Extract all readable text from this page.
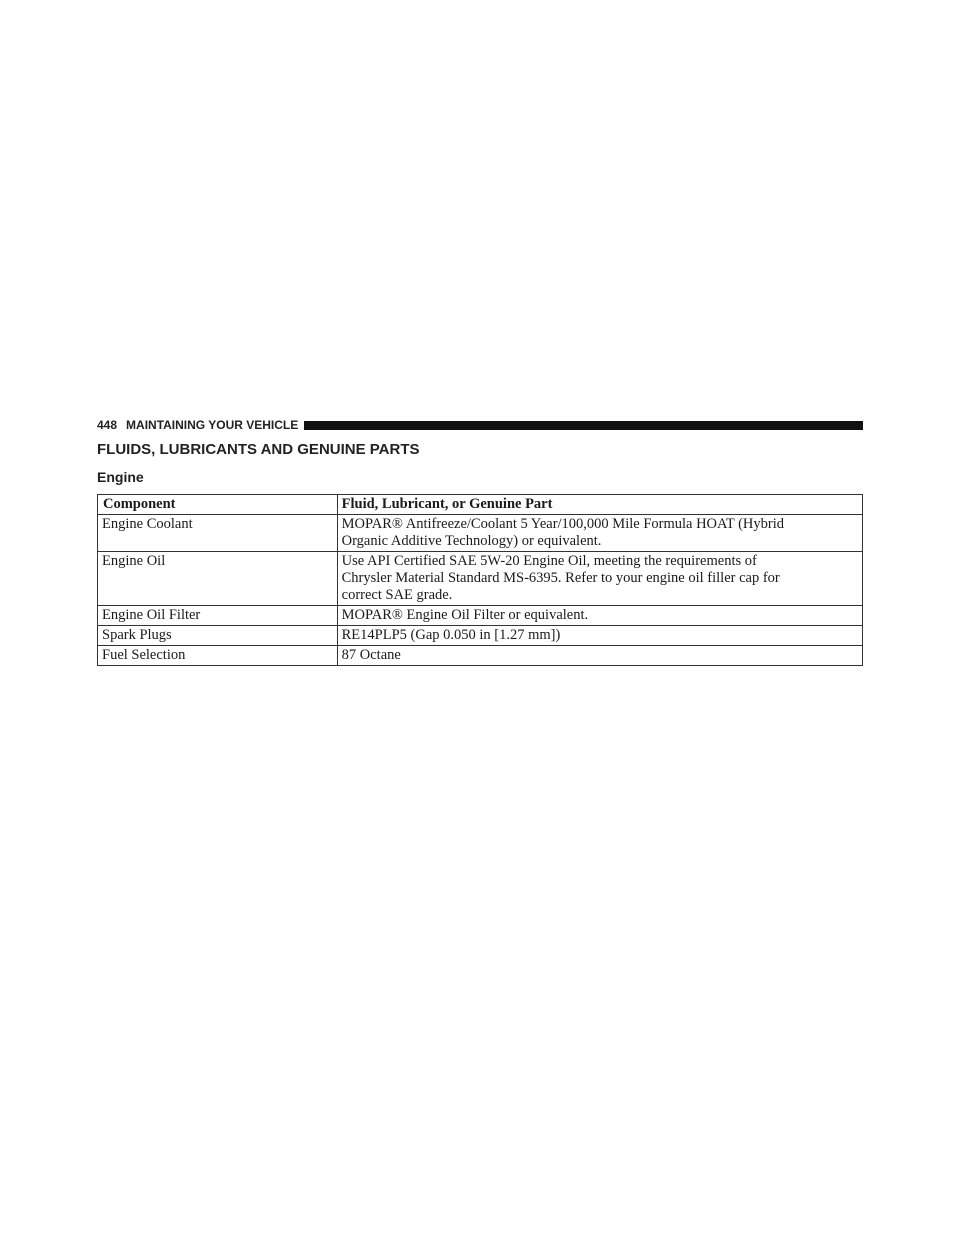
448 MAINTAINING YOUR VEHICLE
FLUIDS, LUBRICANTS AND GENUINE PARTS
Engine
Component	Fluid, Lubricant, or Genuine Part
Engine Coolant	MOPAR® Antifreeze/Coolant 5 Year/100,000 Mile Formula HOAT (Hybrid
Organic Additive Technology) or equivalent.

Engine Oil	Use API Certified SAE 5W-20 Engine Oil, meeting the requirements of
Chrysler Material Standard MS-6395. Refer to your engine oil filler cap for
correct SAE grade.

Engine Oil Filter	MOPAR® Engine Oil Filter or equivalent.

Spark Plugs	RE14PLP5 (Gap 0.050 in [1.27 mm])

Fuel Selection	87 Octane
